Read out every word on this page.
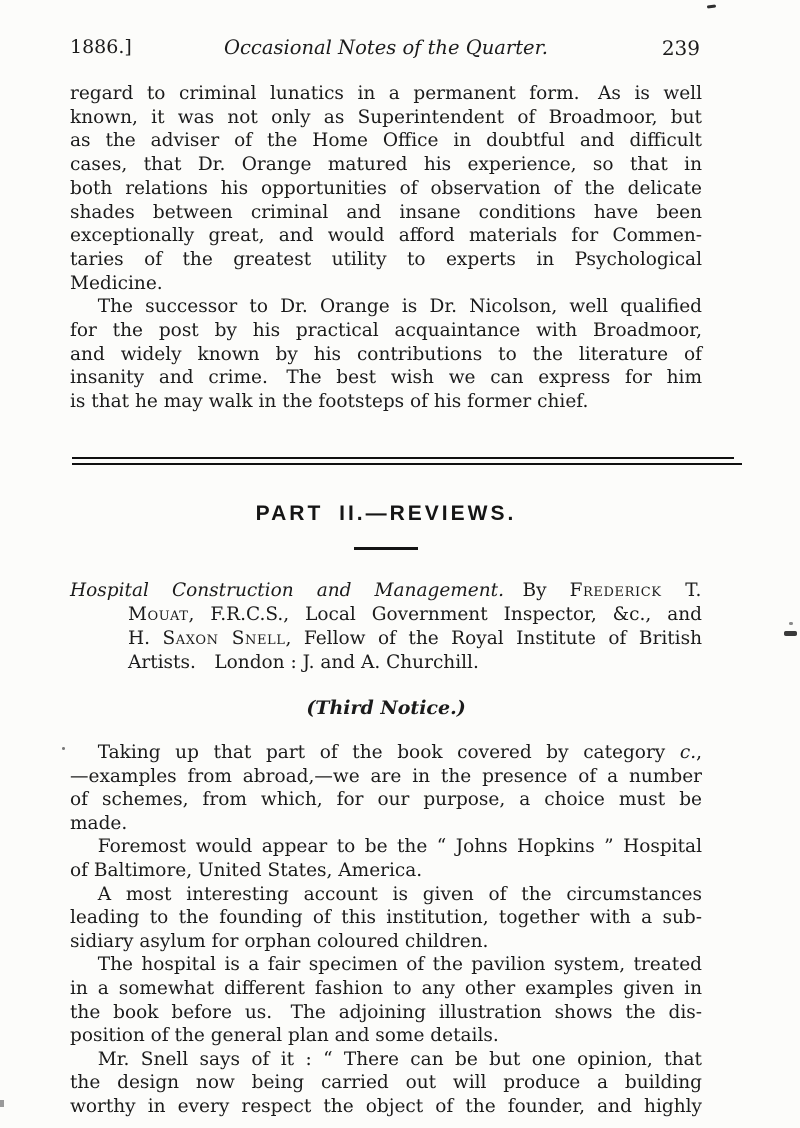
1886.]	Occasional Notes of the Quarter.	239
regard to criminal lunatics in a permanent form. As is well
known, it was not only as Superintendent of Broadmoor, but
as the adviser of the Home Office in doubtful and difficult
cases, that Dr. Orange matured his experience, so that in
both relations his opportunities of observation of the delicate
shades between criminal and insane conditions have been
exceptionally great, and would afford materials for Commen-
taries of the greatest utility to experts in Psychological
Medicine.
The successor to Dr. Orange is Dr. Nicolson, well qualified
for the post by his practical acquaintance with Broadmoor,
and widely known by his contributions to the literature of
insanity and crime. The best wish we can express for him
is that he may walk in the footsteps of his former chief.
PART II.—REVIEWS.
Hospital Construction and Management. By Frederick T.
Mouat, F.R.C.S., Local Government Inspector, &c., and
H. Saxon Snell, Fellow of the Royal Institute of British
Artists. London : J. and A. Churchill.
(Third Notice.)
Taking up that part of the book covered by category c.,
—examples from abroad,—we are in the presence of a number
of schemes, from which, for our purpose, a choice must be
made.
Foremost would appear to be the “ Johns Hopkins ” Hospital
of Baltimore, United States, America.
A most interesting account is given of the circumstances
leading to the founding of this institution, together with a sub-
sidiary asylum for orphan coloured children.
The hospital is a fair specimen of the pavilion system, treated
in a somewhat different fashion to any other examples given in
the book before us. The adjoining illustration shows the dis-
position of the general plan and some details.
Mr. Snell says of it : “ There can be but one opinion, that
the design now being carried out will produce a building
worthy in every respect the object of the founder, and highly
